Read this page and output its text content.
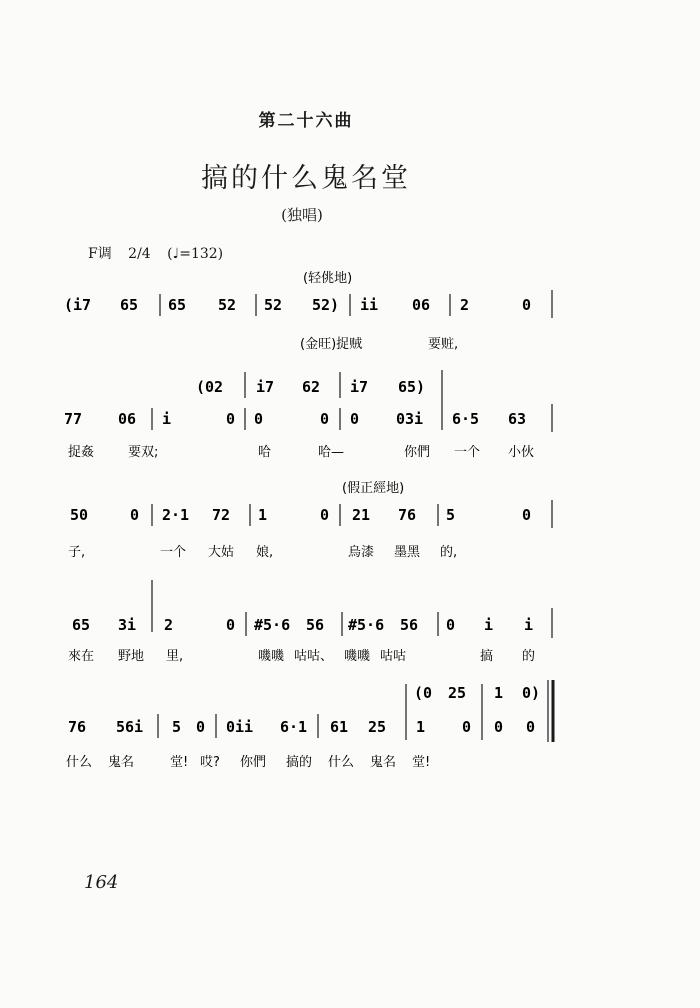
第二十六曲
搞的什么鬼名堂
(独唱)
F调 2/4 (♩=132)
(轻佻地)
(i7 65 65 52 52 52) ii 06 2	0
(金旺)捉贼	要赃,
(02 i7 62 i7 65)
77 06 i	0 0	0 0 03i 6·5 63
捉姦	要双;	哈	哈—	你們 一个 小伙
(假正經地)
50	0 2·1 72 1	0 21 76 5	0
子,	一个 大姑 娘,	烏漆 墨黑 的,
65 3i 2	0 #5·6 56 #5·6 56 0 i i
來在 野地 里,	嘰嘰 咕咕、 嘰嘰 咕咕	搞 的
(0 25 1 0)
76 56i 5 0 0ii 6·1 61 25 1 0 0 0
什么 鬼名	堂! 哎? 你們 搞的 什么 鬼名 堂!
164
